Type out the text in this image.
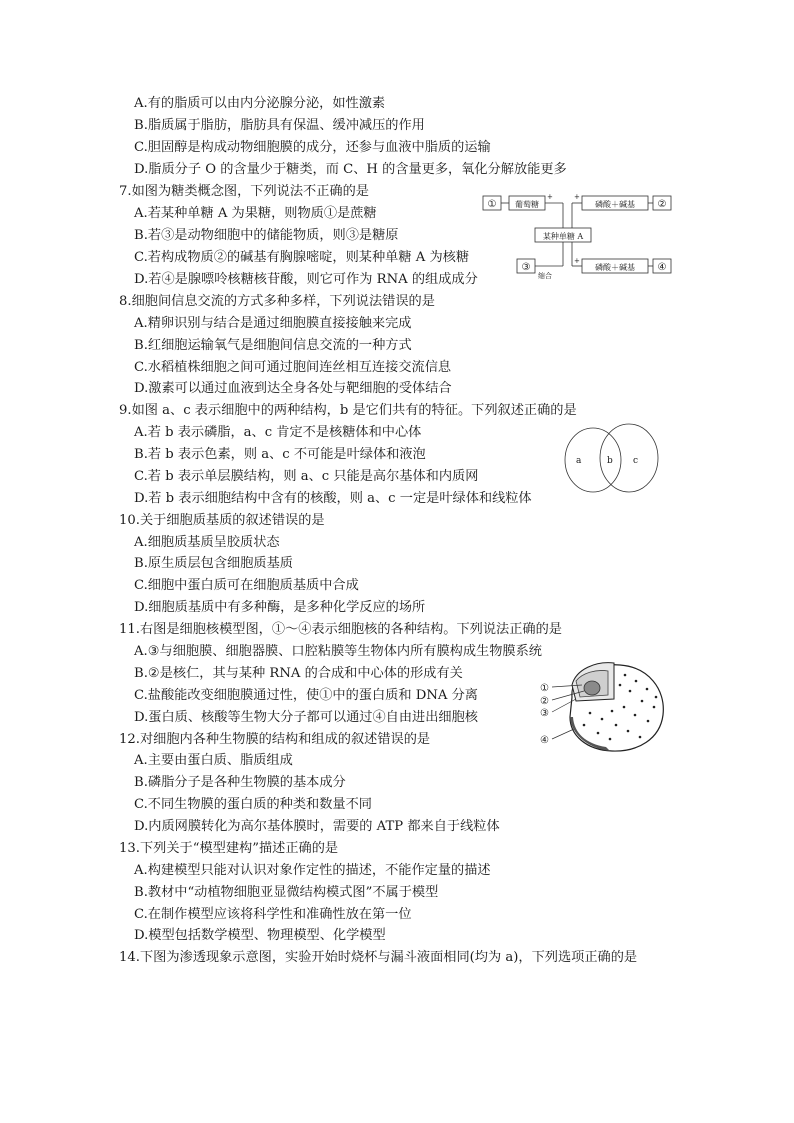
A.有的脂质可以由内分泌腺分泌，如性激素
B.脂质属于脂肪，脂肪具有保温、缓冲减压的作用
C.胆固醇是构成动物细胞膜的成分，还参与血液中脂质的运输
D.脂质分子 O 的含量少于糖类，而 C、H 的含量更多，氧化分解放能更多
7.如图为糖类概念图，下列说法不正确的是
A.若某种单糖 A 为果糖，则物质①是蔗糖
B.若③是动物细胞中的储能物质，则③是糖原
C.若构成物质②的碱基有胸腺嘧啶，则某种单糖 A 为核糖
D.若④是腺嘌呤核糖核苷酸，则它可作为 RNA 的组成成分
8.细胞间信息交流的方式多种多样，下列说法错误的是
A.精卵识别与结合是通过细胞膜直接接触来完成
B.红细胞运输氧气是细胞间信息交流的一种方式
C.水稻植株细胞之间可通过胞间连丝相互连接交流信息
D.激素可以通过血液到达全身各处与靶细胞的受体结合
9.如图 a、c 表示细胞中的两种结构，b 是它们共有的特征。下列叙述正确的是
A.若 b 表示磷脂，a、c 肯定不是核糖体和中心体
B.若 b 表示色素，则 a、c 不可能是叶绿体和液泡
C.若 b 表示单层膜结构，则 a、c 只能是高尔基体和内质网
D.若 b 表示细胞结构中含有的核酸，则 a、c 一定是叶绿体和线粒体
10.关于细胞质基质的叙述错误的是
A.细胞质基质呈胶质状态
B.原生质层包含细胞质基质
C.细胞中蛋白质可在细胞质基质中合成
D.细胞质基质中有多种酶，是多种化学反应的场所
11.右图是细胞核模型图，①～④表示细胞核的各种结构。下列说法正确的是
A.③与细胞膜、细胞器膜、口腔粘膜等生物体内所有膜构成生物膜系统
B.②是核仁，其与某种 RNA 的合成和中心体的形成有关
C.盐酸能改变细胞膜通过性，使①中的蛋白质和 DNA 分离
D.蛋白质、核酸等生物大分子都可以通过④自由进出细胞核
12.对细胞内各种生物膜的结构和组成的叙述错误的是
A.主要由蛋白质、脂质组成
B.磷脂分子是各种生物膜的基本成分
C.不同生物膜的蛋白质的种类和数量不同
D.内质网膜转化为高尔基体膜时，需要的 ATP 都来自于线粒体
13.下列关于“模型建构”描述正确的是
A.构建模型只能对认识对象作定性的描述，不能作定量的描述
B.教材中“动植物细胞亚显微结构模式图”不属于模型
C.在制作模型应该将科学性和准确性放在第一位
D.模型包括数学模型、物理模型、化学模型
14.下图为渗透现象示意图，实验开始时烧杯与漏斗液面相同(均为 a)，下列选项正确的是
① 葡萄糖	磷酸＋碱基 ②
某种单糖 A
③	磷酸＋碱基 ④
缩合
+	+
+
a	b c
①
②
③
④
